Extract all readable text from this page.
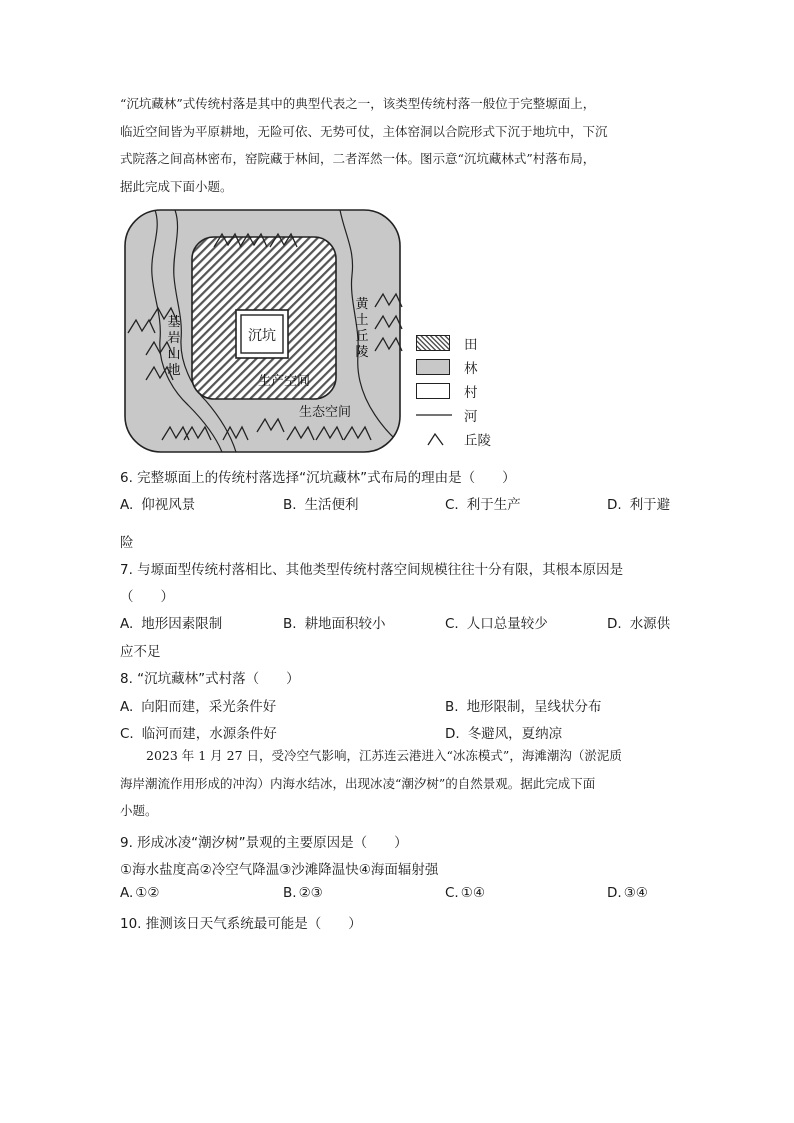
“沉坑藏林”式传统村落是其中的典型代表之一，该类型传统村落一般位于完整塬面上，
临近空间皆为平原耕地，无险可依、无势可仗，主体窑洞以合院形式下沉于地坑中，下沉
式院落之间高林密布，窑院藏于林间，二者浑然一体。图示意“沉坑藏林式”村落布局，
据此完成下面小题。
沉坑
生产空间
生态空间
基
岩
山
地
黄
土
丘
陵	田
林
村
河
丘陵
6. 完整塬面上的传统村落选择“沉坑藏林”式布局的理由是（　　）
A. 仰视风景	B. 生活便利	C. 利于生产	D. 利于避
险
7. 与塬面型传统村落相比、其他类型传统村落空间规模往往十分有限，其根本原因是
（　　）
A. 地形因素限制	B. 耕地面积较小	C. 人口总量较少	D. 水源供
应不足
8. “沉坑藏林”式村落（　　）
A. 向阳而建，采光条件好	B. 地形限制，呈线状分布
C. 临河而建，水源条件好	D. 冬避风，夏纳凉
2023 年 1 月 27 日，受冷空气影响，江苏连云港进入“冰冻模式”，海滩潮沟（淤泥质
海岸潮流作用形成的冲沟）内海水结冰，出现冰凌“潮汐树”的自然景观。据此完成下面
小题。
9. 形成冰凌“潮汐树”景观的主要原因是（　　）
①海水盐度高②冷空气降温③沙滩降温快④海面辐射强
A. ①②	B. ②③	C. ①④	D. ③④
10. 推测该日天气系统最可能是（　　）
